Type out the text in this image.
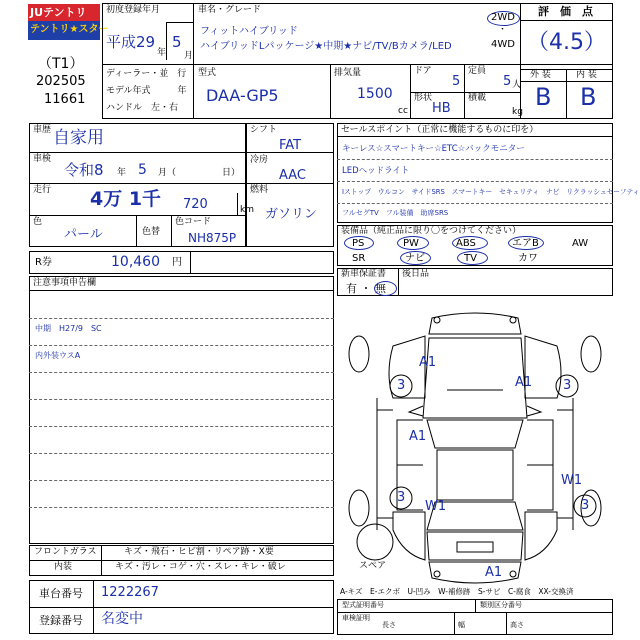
JUテントリ
テントリ★スター
（T1）
202505
11661
初度登録年月
平成29
年
5
月
車名・グレード
フィットハイブリッド
ハイブリッドLパッケージ★中期★ナビ/TV/Bカメラ/LED
2WD
・
4WD
評　価　点
（4.5）
ディーラー・並　行
モデル年式　　　年
ハンドル　左・右
型式
DAA-GP5
排気量
1500
cc
ドア
5
形状
HB
定員
5 人
積載
kg
外 装	内 装
B B
車歴 自家用
車検
令和8 年 5 月（	日）
走行 4万 1千 720	km
色
パール	色替
色コード
NH875P
シフト
FAT
冷房
AAC
燃料
ガソリン
R券	10,460 円
注意事項申告欄
中期　H27/9　SC
内外装ウスA
フロントガラス	キズ・飛石・ヒビ割・リペア跡・X要
内装	キズ・汚レ・コゲ・穴・スレ・キレ・破レ
車台番号 1222267
登録番号 名変中
セールスポイント（正常に機能するものに印を）
キーレス☆スマートキー☆ETC☆バックモニター
LEDヘッドライト
Iストップ　ウルコン　サイドSRS　スマートキー　セキュリティ　ナビ　リクラッシュセーフティ
フルセグTV　フル装備　助席SRS
装備品（純正品に限り〇をつけてください）
PS	PW	ABS	エアB	AW
SR	ナビ	TV	カワ
新車保証書
有 ・ 無
後日品
A1
3	A1 3
A1
3
W1
W1
3
A1
スペア
A-キズ　E-エクボ　U-凹み　W-補修跡　S-サビ　C-腐食　XX-交換済
型式証明番号	類別区分番号
車検証明
長さ	幅	高さ
